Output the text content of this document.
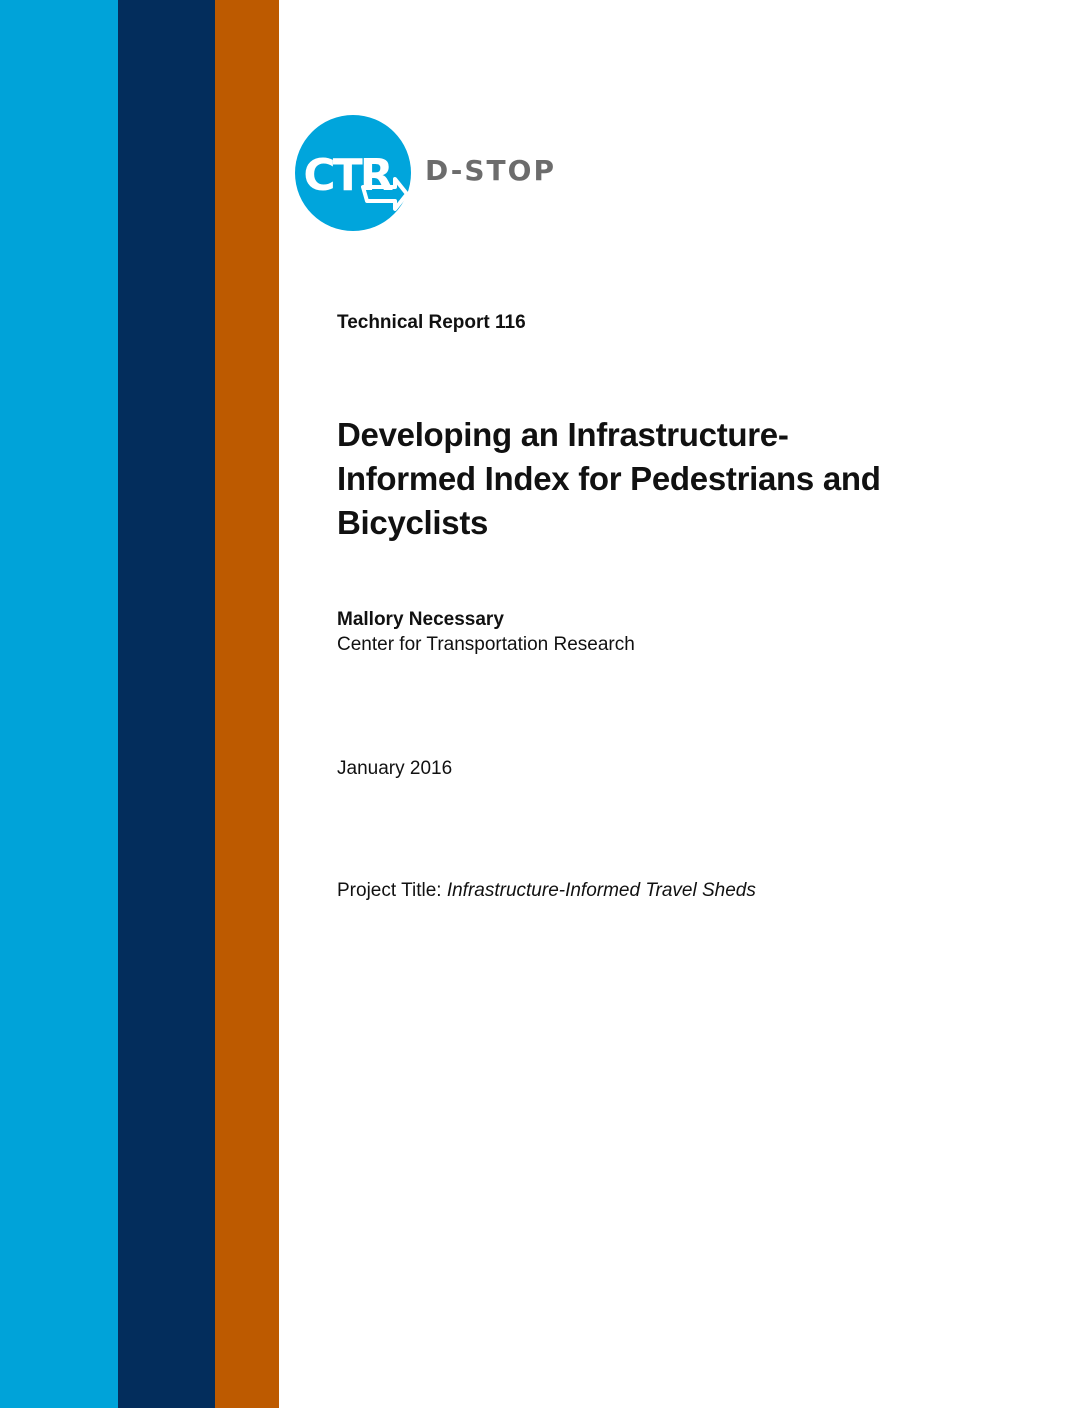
CTR D-STOP
Technical Report 116
Developing an Infrastructure-
Informed Index for Pedestrians and
Bicyclists
Mallory Necessary
Center for Transportation Research
January 2016
Project Title: Infrastructure-Informed Travel Sheds
